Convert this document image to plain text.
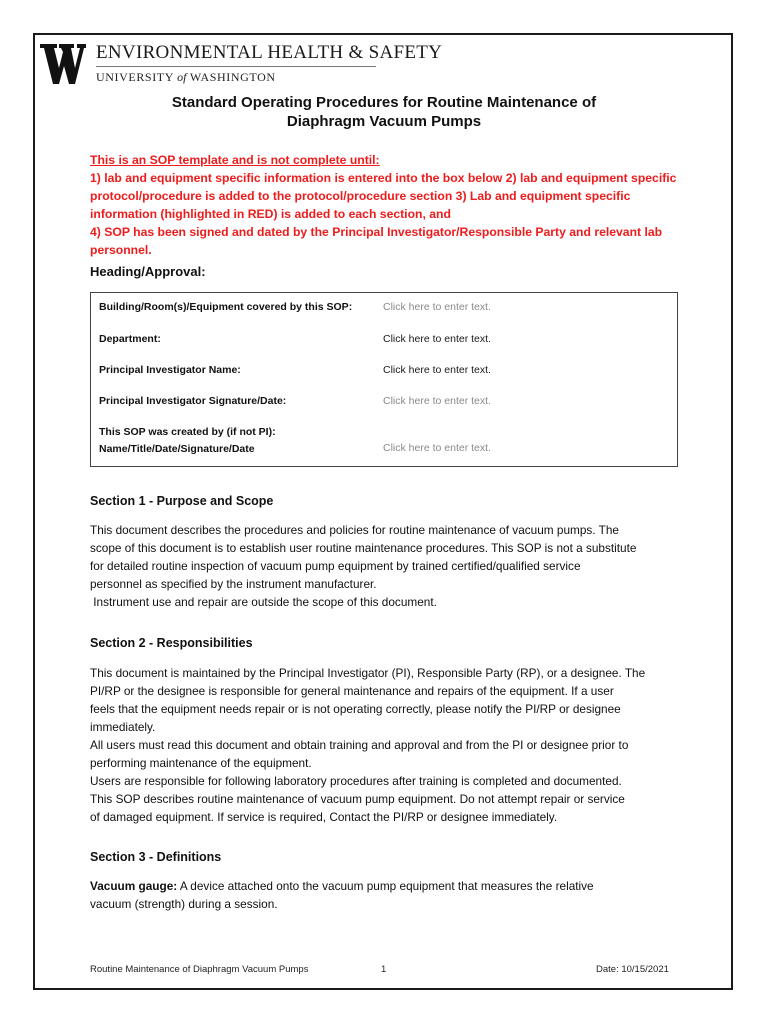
ENVIRONMENTAL HEALTH & SAFETY
UNIVERSITY of WASHINGTON
Standard Operating Procedures for Routine Maintenance of
Diaphragm Vacuum Pumps
This is an SOP template and is not complete until:
1) lab and equipment specific information is entered into the box below 2) lab and equipment specific
protocol/procedure is added to the protocol/procedure section 3) Lab and equipment specific
information (highlighted in RED) is added to each section, and
4) SOP has been signed and dated by the Principal Investigator/Responsible Party and relevant lab
personnel.
Heading/Approval:
Building/Room(s)/Equipment covered by this SOP:	Click here to enter text.
Department:	Click here to enter text.
Principal Investigator Name:	Click here to enter text.
Principal Investigator Signature/Date:	Click here to enter text.
This SOP was created by (if not PI):
Name/Title/Date/Signature/Date	Click here to enter text.
Section 1 - Purpose and Scope
This document describes the procedures and policies for routine maintenance of vacuum pumps. The
scope of this document is to establish user routine maintenance procedures. This SOP is not a substitute
for detailed routine inspection of vacuum pump equipment by trained certified/qualified service
personnel as specified by the instrument manufacturer.
Instrument use and repair are outside the scope of this document.
Section 2 - Responsibilities
This document is maintained by the Principal Investigator (PI), Responsible Party (RP), or a designee. The
PI/RP or the designee is responsible for general maintenance and repairs of the equipment. If a user
feels that the equipment needs repair or is not operating correctly, please notify the PI/RP or designee
immediately.
All users must read this document and obtain training and approval and from the PI or designee prior to
performing maintenance of the equipment.
Users are responsible for following laboratory procedures after training is completed and documented.
This SOP describes routine maintenance of vacuum pump equipment. Do not attempt repair or service
of damaged equipment. If service is required, Contact the PI/RP or designee immediately.
Section 3 - Definitions
Vacuum gauge: A device attached onto the vacuum pump equipment that measures the relative
vacuum (strength) during a session.
Routine Maintenance of Diaphragm Vacuum Pumps	1	Date: 10/15/2021
